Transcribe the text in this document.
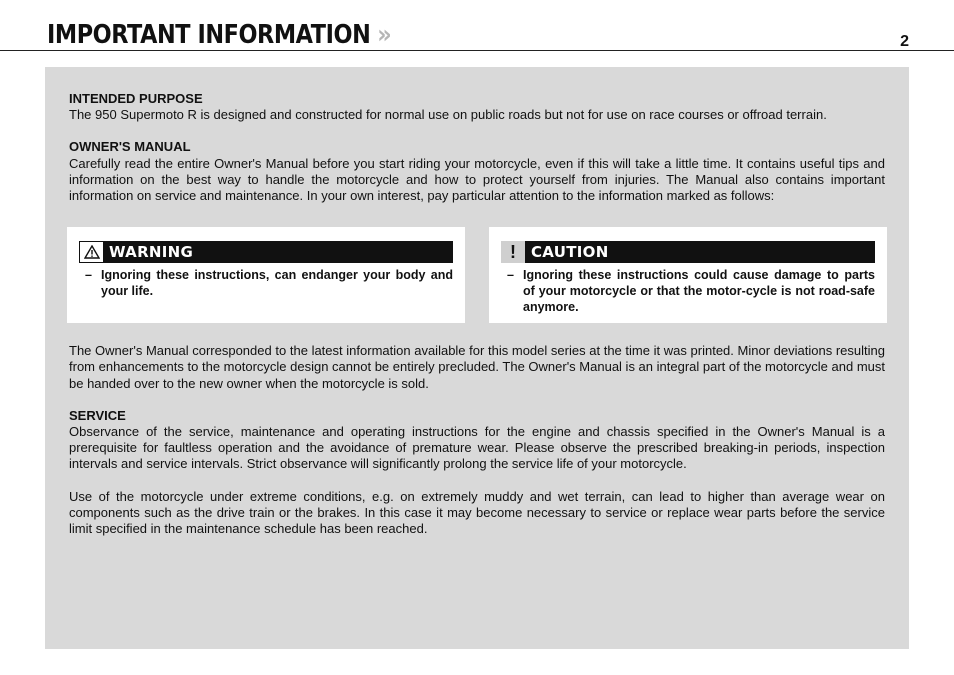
IMPORTANT INFORMATION »	2

INTENDED PURPOSE

The 950 Supermoto R is designed and constructed for normal use on public roads but not for use on race courses or offroad terrain.

OWNER'S MANUAL

Carefully read the entire Owner's Manual before you start riding your motorcycle, even if this will take a little time. It contains useful tips and information on the best way to handle the motorcycle and how to protect yourself from injuries. The Manual also contains important information on service and maintenance. In your own interest, pay particular attention to the information marked as follows:

WARNING
– Ignoring these instructions, can endanger your body and your life.
!	CAUTION
– Ignoring these instructions could cause damage to parts of your motorcycle or that the motor-cycle is not road-safe anymore.

The Owner's Manual corresponded to the latest information available for this model series at the time it was printed. Minor deviations resulting from enhancements to the motorcycle design cannot be entirely precluded. The Owner's Manual is an integral part of the motorcycle and must be handed over to the new owner when the motorcycle is sold.

SERVICE

Observance of the service, maintenance and operating instructions for the engine and chassis specified in the Owner's Manual is a prerequisite for faultless operation and the avoidance of premature wear. Please observe the prescribed breaking-in periods, inspection intervals and service intervals. Strict observance will significantly prolong the service life of your motorcycle.

Use of the motorcycle under extreme conditions, e.g. on extremely muddy and wet terrain, can lead to higher than average wear on components such as the drive train or the brakes. In this case it may become necessary to service or replace wear parts before the service limit specified in the maintenance schedule has been reached.
